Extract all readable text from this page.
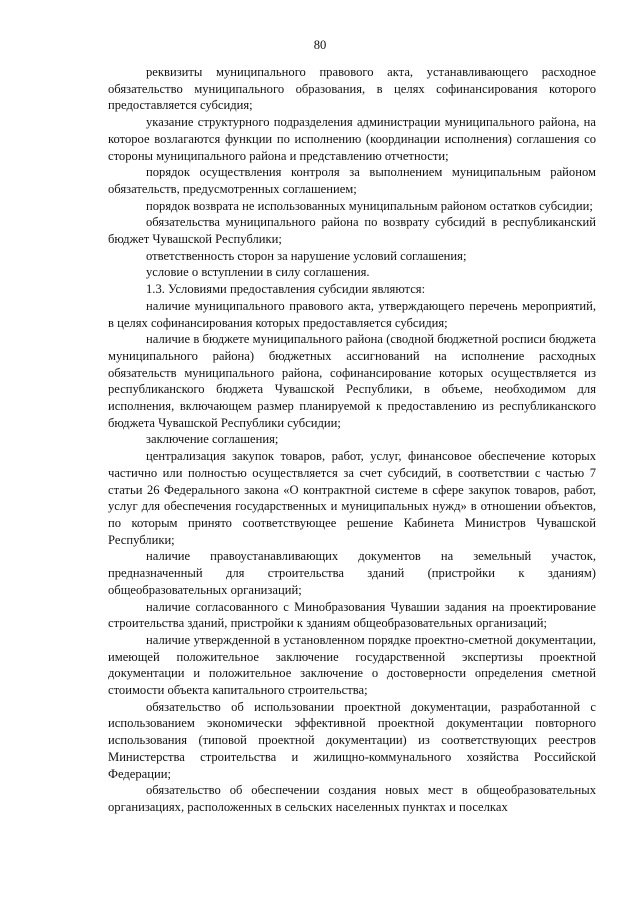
80

реквизиты муниципального правового акта, устанавливающего расходное обязательство муниципального образования, в целях софинансирования которого предоставляется субсидия;

указание структурного подразделения администрации муниципального района, на которое возлагаются функции по исполнению (координации исполнения) соглашения со стороны муниципального района и представлению отчетности;

порядок осуществления контроля за выполнением муниципальным районом обязательств, предусмотренных соглашением;

порядок возврата не использованных муниципальным районом остатков субсидии;

обязательства муниципального района по возврату субсидий в республиканский бюджет Чувашской Республики;

ответственность сторон за нарушение условий соглашения;

условие о вступлении в силу соглашения.

1.3. Условиями предоставления субсидии являются:

наличие муниципального правового акта, утверждающего перечень мероприятий, в целях софинансирования которых предоставляется субсидия;

наличие в бюджете муниципального района (сводной бюджетной росписи бюджета муниципального района) бюджетных ассигнований на исполнение расходных обязательств муниципального района, софинансирование которых осуществляется из республиканского бюджета Чувашской Республики, в объеме, необходимом для исполнения, включающем размер планируемой к предоставлению из республиканского бюджета Чувашской Республики субсидии;

заключение соглашения;

централизация закупок товаров, работ, услуг, финансовое обеспечение которых частично или полностью осуществляется за счет субсидий, в соответствии с частью 7 статьи 26 Федерального закона «О контрактной системе в сфере закупок товаров, работ, услуг для обеспечения государственных и муниципальных нужд» в отношении объектов, по которым принято соответствующее решение Кабинета Министров Чувашской Республики;

наличие правоустанавливающих документов на земельный участок, предназначенный для строительства зданий (пристройки к зданиям) общеобразовательных организаций;

наличие согласованного с Минобразования Чувашии задания на проектирование строительства зданий, пристройки к зданиям общеобразовательных организаций;

наличие утвержденной в установленном порядке проектно-сметной документации, имеющей положительное заключение государственной экспертизы проектной документации и положительное заключение о достоверности определения сметной стоимости объекта капитального строительства;

обязательство об использовании проектной документации, разработанной с использованием экономически эффективной проектной документации повторного использования (типовой проектной документации) из соответствующих реестров Министерства строительства и жилищно-коммунального хозяйства Российской Федерации;

обязательство об обеспечении создания новых мест в общеобразовательных организациях, расположенных в сельских населенных пунктах и поселках
